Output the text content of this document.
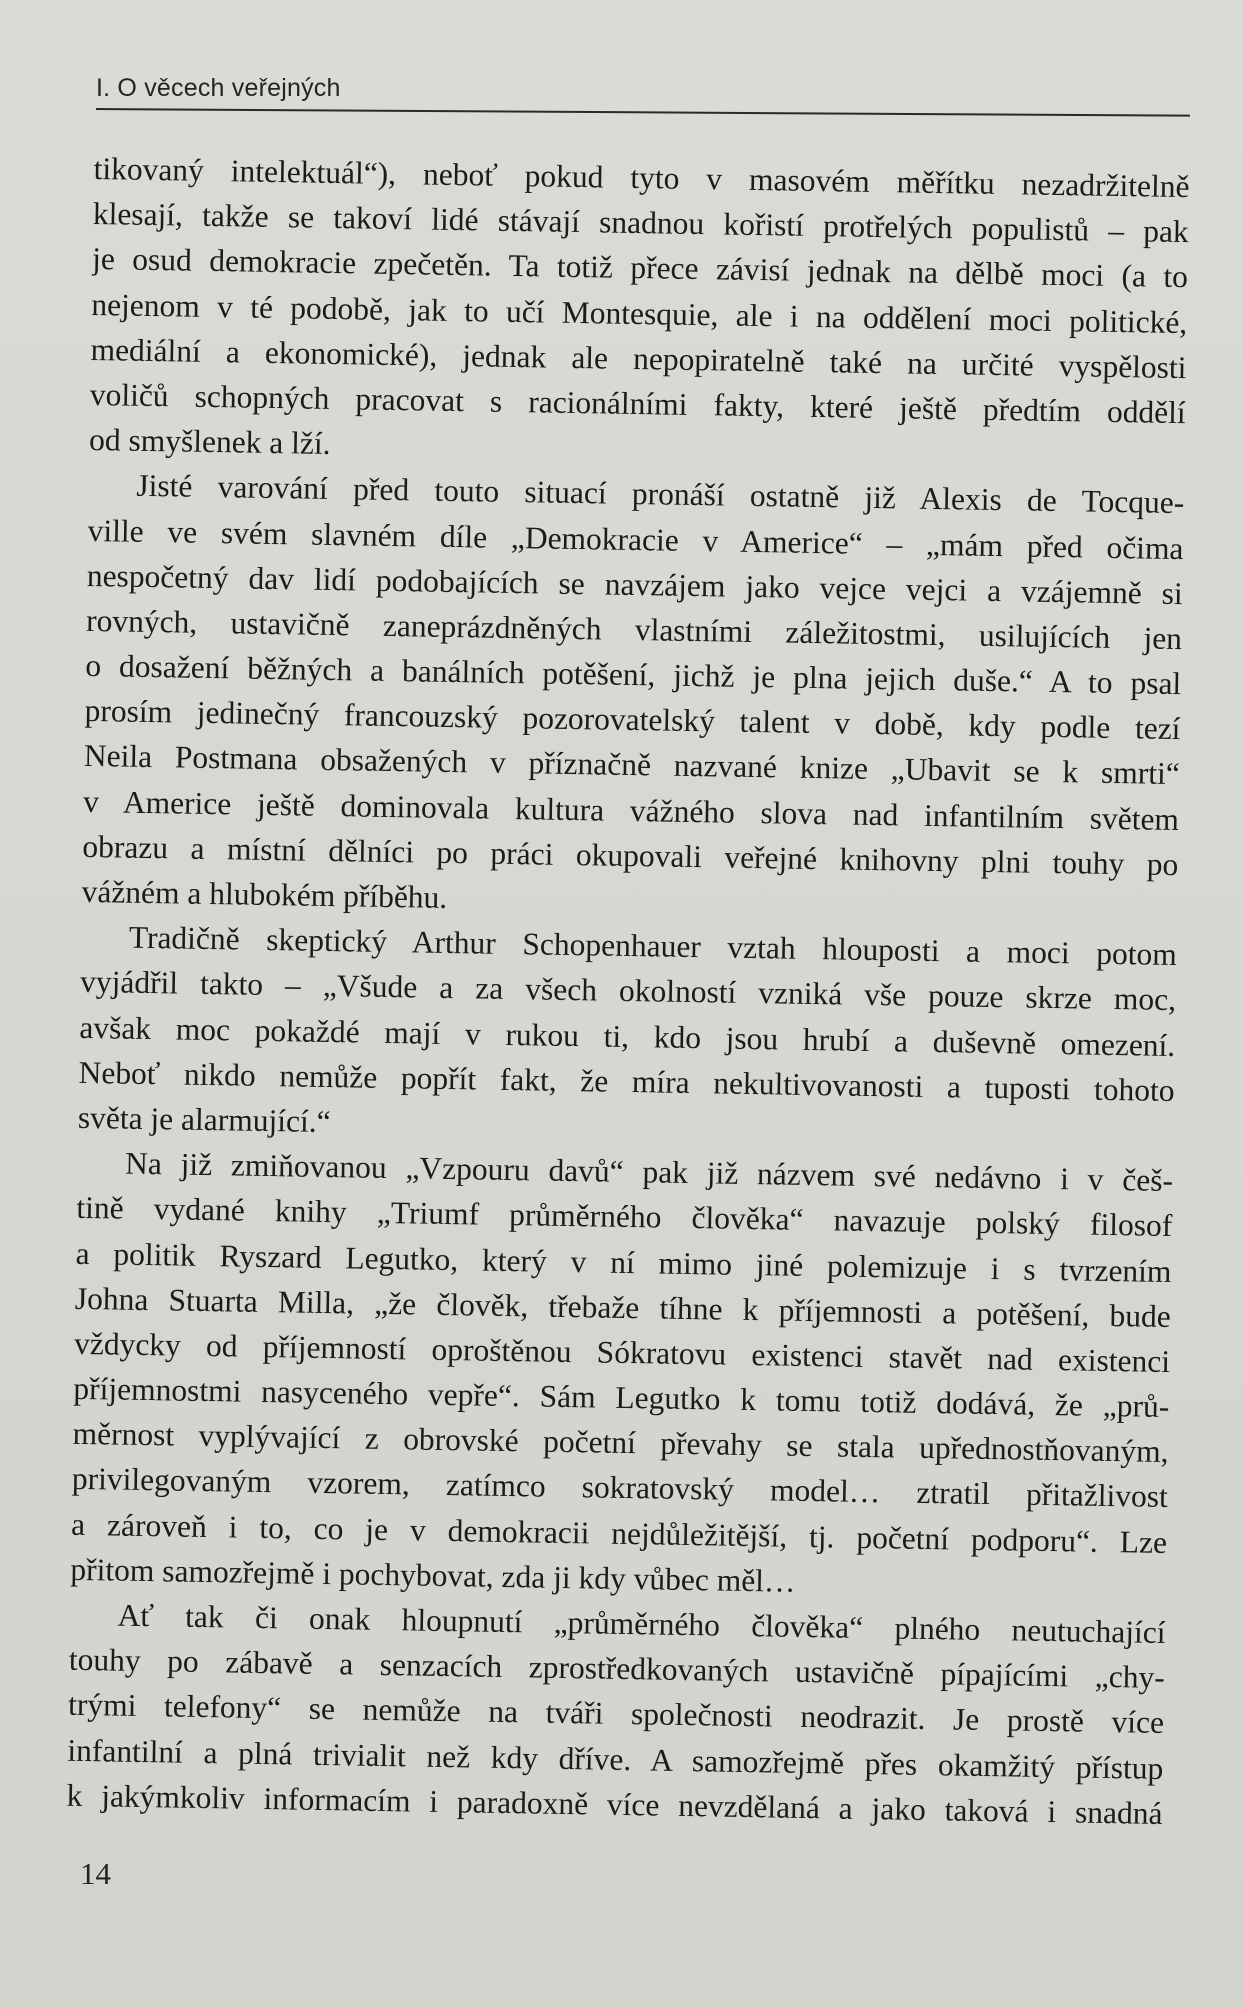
I. O věcech veřejných
tikovaný intelektuál“), neboť pokud tyto v masovém měřítku nezadržitelně
klesají, takže se takoví lidé stávají snadnou kořistí protřelých populistů – pak
je osud demokracie zpečetěn. Ta totiž přece závisí jednak na dělbě moci (a to
nejenom v té podobě, jak to učí Montesquie, ale i na oddělení moci politické,
mediální a ekonomické), jednak ale nepopiratelně také na určité vyspělosti
voličů schopných pracovat s racionálními fakty, které ještě předtím oddělí
od smyšlenek a lží.
Jisté varování před touto situací pronáší ostatně již Alexis de Tocque-
ville ve svém slavném díle „Demokracie v Americe“ – „mám před očima
nespočetný dav lidí podobajících se navzájem jako vejce vejci a vzájemně si
rovných, ustavičně zaneprázdněných vlastními záležitostmi, usilujících jen
o dosažení běžných a banálních potěšení, jichž je plna jejich duše.“ A to psal
prosím jedinečný francouzský pozorovatelský talent v době, kdy podle tezí
Neila Postmana obsažených v příznačně nazvané knize „Ubavit se k smrti“
v Americe ještě dominovala kultura vážného slova nad infantilním světem
obrazu a místní dělníci po práci okupovali veřejné knihovny plni touhy po
vážném a hlubokém příběhu.
Tradičně skeptický Arthur Schopenhauer vztah hlouposti a moci potom
vyjádřil takto – „Všude a za všech okolností vzniká vše pouze skrze moc,
avšak moc pokaždé mají v rukou ti, kdo jsou hrubí a duševně omezení.
Neboť nikdo nemůže popřít fakt, že míra nekultivovanosti a tuposti tohoto
světa je alarmující.“
Na již zmiňovanou „Vzpouru davů“ pak již názvem své nedávno i v češ-
tině vydané knihy „Triumf průměrného člověka“ navazuje polský filosof
a politik Ryszard Legutko, který v ní mimo jiné polemizuje i s tvrzením
Johna Stuarta Milla, „že člověk, třebaže tíhne k příjemnosti a potěšení, bude
vždycky od příjemností oproštěnou Sókratovu existenci stavět nad existenci
příjemnostmi nasyceného vepře“. Sám Legutko k tomu totiž dodává, že „prů-
měrnost vyplývající z obrovské početní převahy se stala upřednostňovaným,
privilegovaným vzorem, zatímco sokratovský model… ztratil přitažlivost
a zároveň i to, co je v demokracii nejdůležitější, tj. početní podporu“. Lze
přitom samozřejmě i pochybovat, zda ji kdy vůbec měl…
Ať tak či onak hloupnutí „průměrného člověka“ plného neutuchající
touhy po zábavě a senzacích zprostředkovaných ustavičně pípajícími „chy-
trými telefony“ se nemůže na tváři společnosti neodrazit. Je prostě více
infantilní a plná trivialit než kdy dříve. A samozřejmě přes okamžitý přístup
k jakýmkoliv informacím i paradoxně více nevzdělaná a jako taková i snadná
14
